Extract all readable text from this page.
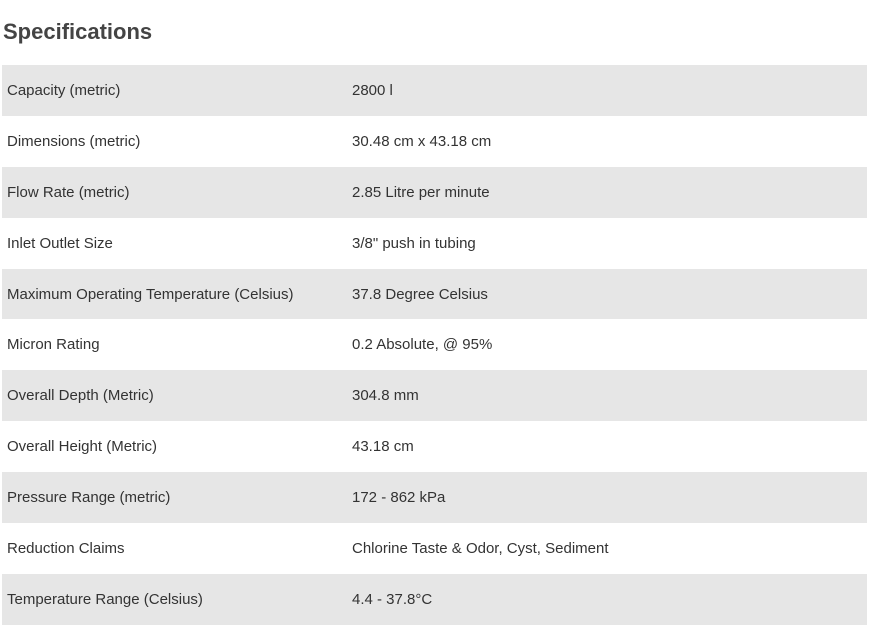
Specifications
Capacity (metric)	2800 l
Dimensions (metric)	30.48 cm x 43.18 cm
Flow Rate (metric)	2.85 Litre per minute
Inlet Outlet Size	3/8" push in tubing
Maximum Operating Temperature (Celsius)	37.8 Degree Celsius
Micron Rating	0.2 Absolute, @ 95%
Overall Depth (Metric)	304.8 mm
Overall Height (Metric)	43.18 cm
Pressure Range (metric)	172 - 862 kPa
Reduction Claims	Chlorine Taste & Odor, Cyst, Sediment
Temperature Range (Celsius)	4.4 - 37.8°C
